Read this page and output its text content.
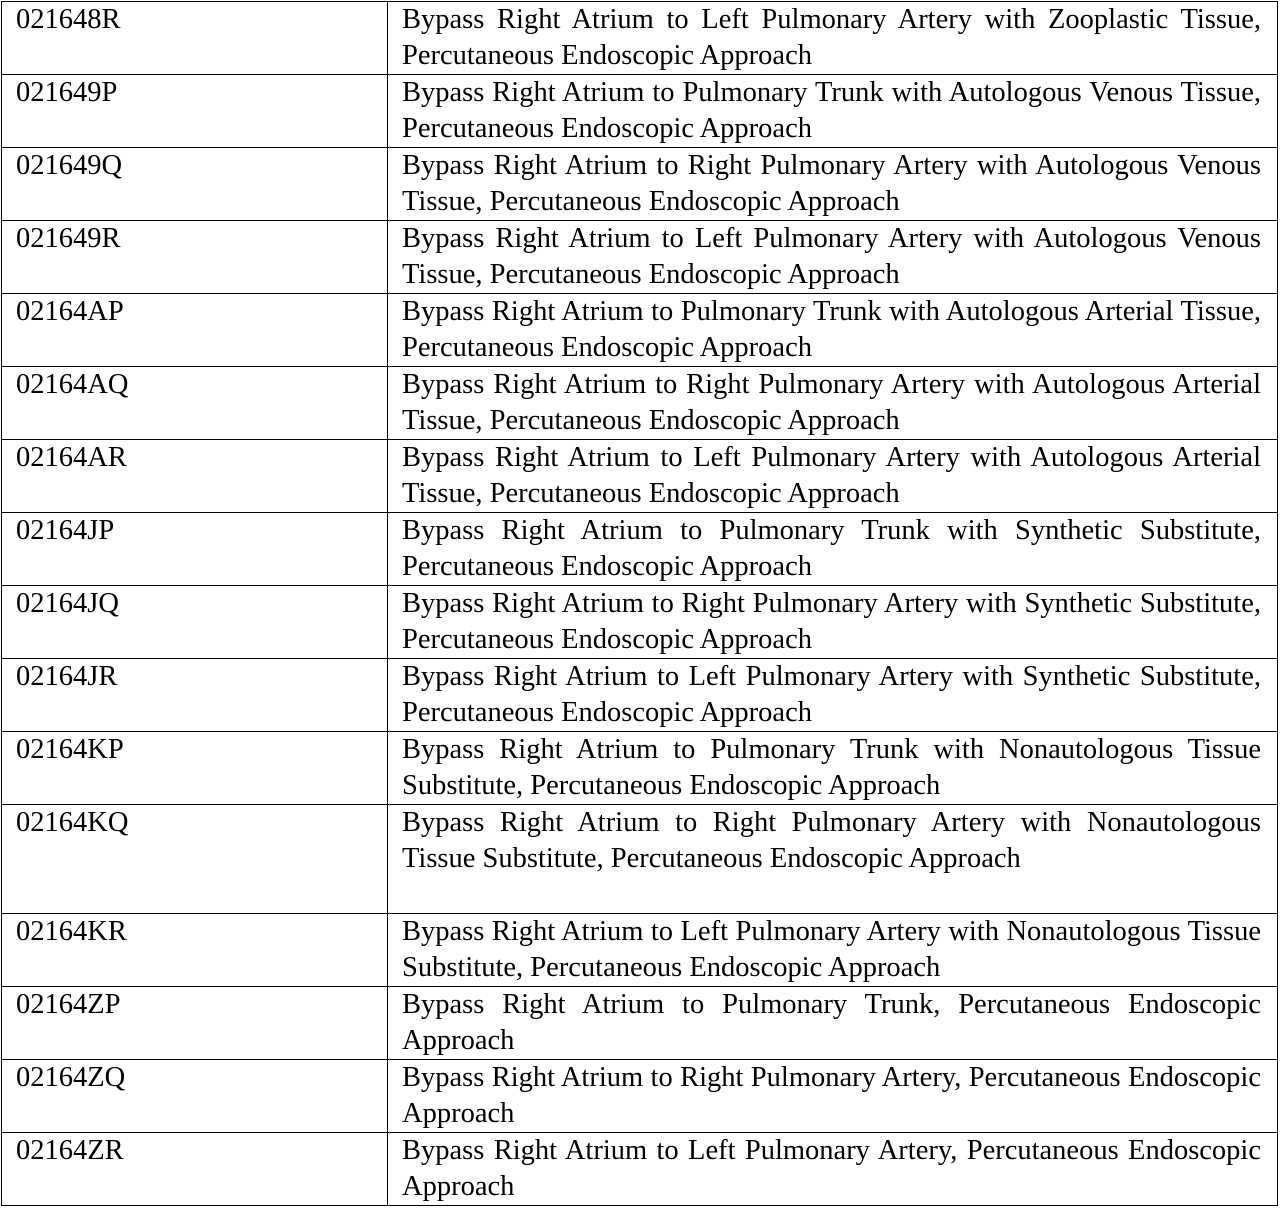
021648R	Bypass Right Atrium to Left Pulmonary Artery with Zooplastic Tissue, Percutaneous Endoscopic Approach
021649P	Bypass Right Atrium to Pulmonary Trunk with Autologous Venous Tissue, Percutaneous Endoscopic Approach
021649Q	Bypass Right Atrium to Right Pulmonary Artery with Autologous Venous Tissue, Percutaneous Endoscopic Approach
021649R	Bypass Right Atrium to Left Pulmonary Artery with Autologous Venous Tissue, Percutaneous Endoscopic Approach
02164AP	Bypass Right Atrium to Pulmonary Trunk with Autologous Arterial Tissue, Percutaneous Endoscopic Approach
02164AQ	Bypass Right Atrium to Right Pulmonary Artery with Autologous Arterial Tissue, Percutaneous Endoscopic Approach
02164AR	Bypass Right Atrium to Left Pulmonary Artery with Autologous Arterial Tissue, Percutaneous Endoscopic Approach
02164JP	Bypass Right Atrium to Pulmonary Trunk with Synthetic Substitute, Percutaneous Endoscopic Approach
02164JQ	Bypass Right Atrium to Right Pulmonary Artery with Synthetic Substitute, Percutaneous Endoscopic Approach
02164JR	Bypass Right Atrium to Left Pulmonary Artery with Synthetic Substitute, Percutaneous Endoscopic Approach
02164KP	Bypass Right Atrium to Pulmonary Trunk with Nonautologous Tissue Substitute, Percutaneous Endoscopic Approach
02164KQ	Bypass Right Atrium to Right Pulmonary Artery with Nonautologous Tissue Substitute, Percutaneous Endoscopic Approach
02164KR	Bypass Right Atrium to Left Pulmonary Artery with Nonautologous Tissue Substitute, Percutaneous Endoscopic Approach
02164ZP	Bypass Right Atrium to Pulmonary Trunk, Percutaneous Endoscopic Approach
02164ZQ	Bypass Right Atrium to Right Pulmonary Artery, Percutaneous Endoscopic Approach
02164ZR	Bypass Right Atrium to Left Pulmonary Artery, Percutaneous Endoscopic Approach
